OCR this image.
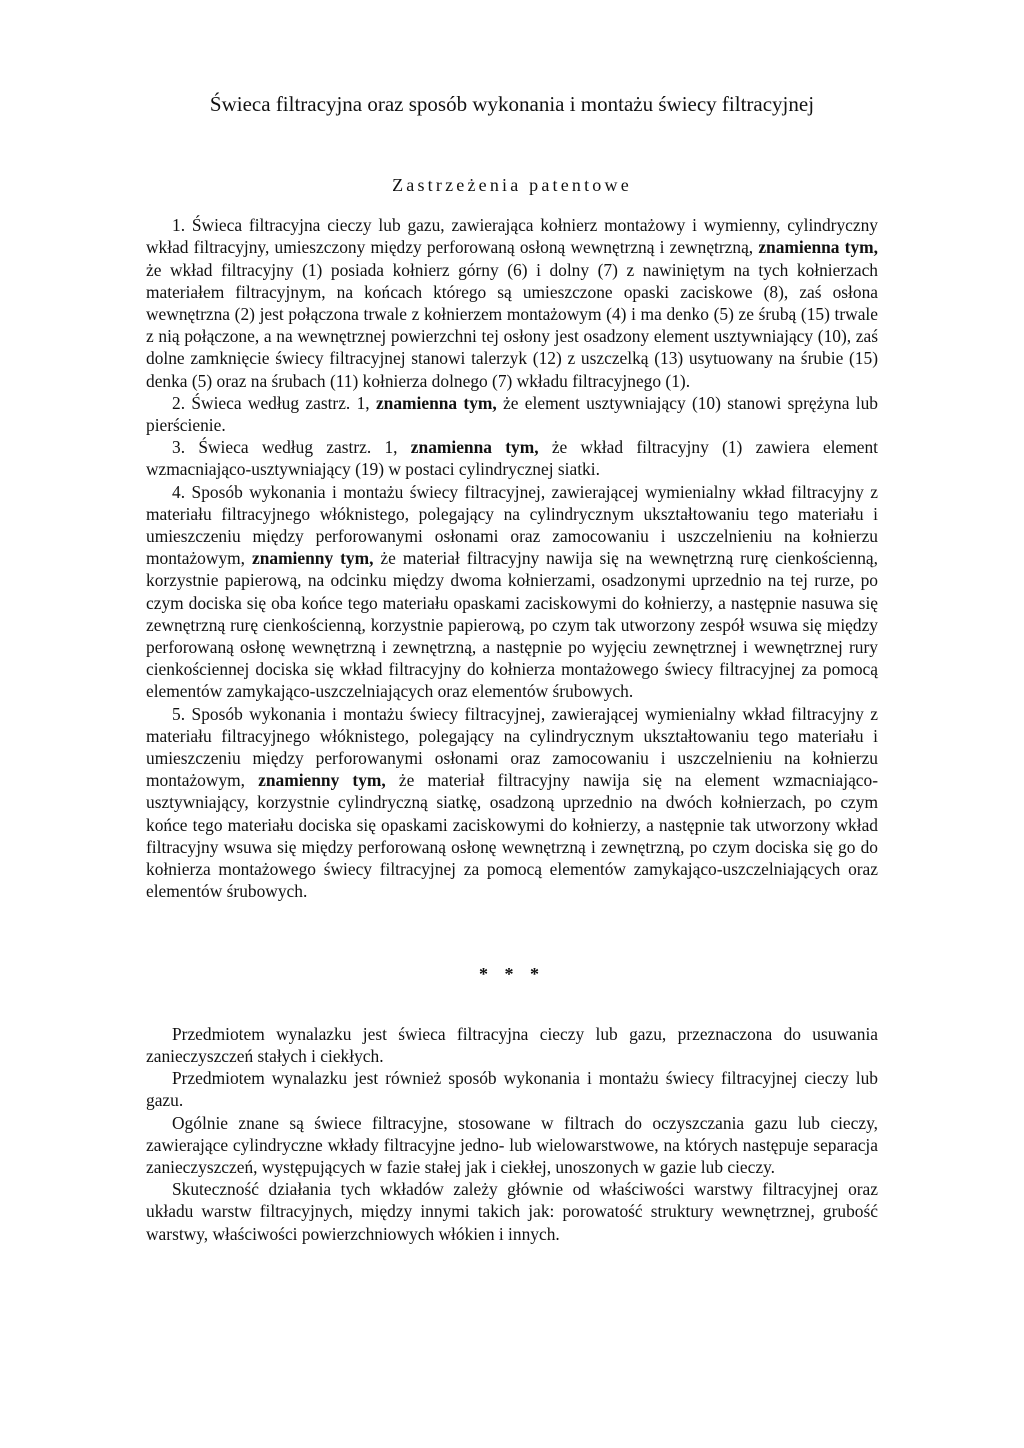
Świeca filtracyjna oraz sposób wykonania i montażu świecy filtracyjnej
Zastrzeżenia patentowe

1. Świeca filtracyjna cieczy lub gazu, zawierająca kołnierz montażowy i wymienny, cylindryczny wkład filtracyjny, umieszczony między perforowaną osłoną wewnętrzną i zewnętrzną, znamienna tym, że wkład filtracyjny (1) posiada kołnierz górny (6) i dolny (7) z nawiniętym na tych kołnierzach materiałem filtracyjnym, na końcach którego są umieszczone opaski zaciskowe (8), zaś osłona wewnętrzna (2) jest połączona trwale z kołnierzem montażowym (4) i ma denko (5) ze śrubą (15) trwale z nią połączone, a na wewnętrznej powierzchni tej osłony jest osadzony element usztywniający (10), zaś dolne zamknięcie świecy filtracyjnej stanowi talerzyk (12) z uszczelką (13) usytuowany na śrubie (15) denka (5) oraz na śrubach (11) kołnierza dolnego (7) wkładu filtracyjnego (1).

2. Świeca według zastrz. 1, znamienna tym, że element usztywniający (10) stanowi sprężyna lub pierścienie.

3. Świeca według zastrz. 1, znamienna tym, że wkład filtracyjny (1) zawiera element wzmacniająco-usztywniający (19) w postaci cylindrycznej siatki.

4. Sposób wykonania i montażu świecy filtracyjnej, zawierającej wymienialny wkład filtracyjny z materiału filtracyjnego włóknistego, polegający na cylindrycznym ukształtowaniu tego materiału i umieszczeniu między perforowanymi osłonami oraz zamocowaniu i uszczelnieniu na kołnierzu montażowym, znamienny tym, że materiał filtracyjny nawija się na wewnętrzną rurę cienkościenną, korzystnie papierową, na odcinku między dwoma kołnierzami, osadzonymi uprzednio na tej rurze, po czym dociska się oba końce tego materiału opaskami zaciskowymi do kołnierzy, a następnie nasuwa się zewnętrzną rurę cienkościenną, korzystnie papierową, po czym tak utworzony zespół wsuwa się między perforowaną osłonę wewnętrzną i zewnętrzną, a następnie po wyjęciu zewnętrznej i wewnętrznej rury cienkościennej dociska się wkład filtracyjny do kołnierza montażowego świecy filtracyjnej za pomocą elementów zamykająco-uszczelniających oraz elementów śrubowych.

5. Sposób wykonania i montażu świecy filtracyjnej, zawierającej wymienialny wkład filtracyjny z materiału filtracyjnego włóknistego, polegający na cylindrycznym ukształtowaniu tego materiału i umieszczeniu między perforowanymi osłonami oraz zamocowaniu i uszczelnieniu na kołnierzu montażowym, znamienny tym, że materiał filtracyjny nawija się na element wzmacniająco-usztywniający, korzystnie cylindryczną siatkę, osadzoną uprzednio na dwóch kołnierzach, po czym końce tego materiału dociska się opaskami zaciskowymi do kołnierzy, a następnie tak utworzony wkład filtracyjny wsuwa się między perforowaną osłonę wewnętrzną i zewnętrzną, po czym dociska się go do kołnierza montażowego świecy filtracyjnej za pomocą elementów zamykająco-uszczelniających oraz elementów śrubowych.

* * *

Przedmiotem wynalazku jest świeca filtracyjna cieczy lub gazu, przeznaczona do usuwania zanieczyszczeń stałych i ciekłych.

Przedmiotem wynalazku jest również sposób wykonania i montażu świecy filtracyjnej cieczy lub gazu.

Ogólnie znane są świece filtracyjne, stosowane w filtrach do oczyszczania gazu lub cieczy, zawierające cylindryczne wkłady filtracyjne jedno- lub wielowarstwowe, na których następuje separacja zanieczyszczeń, występujących w fazie stałej jak i ciekłej, unoszonych w gazie lub cieczy.

Skuteczność działania tych wkładów zależy głównie od właściwości warstwy filtracyjnej oraz układu warstw filtracyjnych, między innymi takich jak: porowatość struktury wewnętrznej, grubość warstwy, właściwości powierzchniowych włókien i innych.
